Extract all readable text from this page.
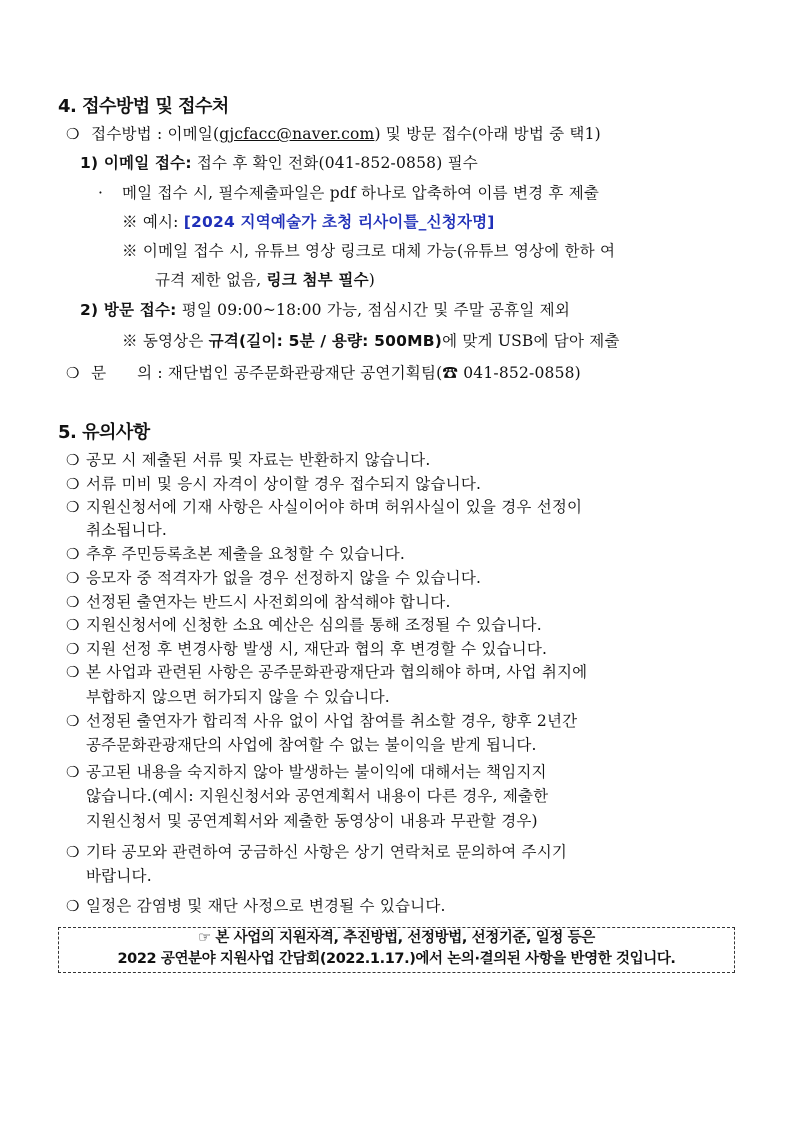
4. 접수방법 및 접수처
❍ 접수방법 : 이메일(gjcfacc@naver.com) 및 방문 접수(아래 방법 중 택1)
1) 이메일 접수: 접수 후 확인 전화(041-852-0858) 필수
· 메일 접수 시, 필수제출파일은 pdf 하나로 압축하여 이름 변경 후 제출
※ 예시: [2024 지역예술가 초청 리사이틀_신청자명]
※ 이메일 접수 시, 유튜브 영상 링크로 대체 가능(유튜브 영상에 한하 여
규격 제한 없음, 링크 첨부 필수)
2) 방문 접수: 평일 09:00~18:00 가능, 점심시간 및 주말 공휴일 제외
※ 동영상은 규격(길이: 5분 / 용량: 500MB)에 맞게 USB에 담아 제출
❍ 문      의 : 재단법인 공주문화관광재단 공연기획팀(☎ 041-852-0858)
5. 유의사항
❍ 공모 시 제출된 서류 및 자료는 반환하지 않습니다.
❍ 서류 미비 및 응시 자격이 상이할 경우 접수되지 않습니다.
❍ 지원신청서에 기재 사항은 사실이어야 하며 허위사실이 있을 경우 선정이
취소됩니다.
❍ 추후 주민등록초본 제출을 요청할 수 있습니다.
❍ 응모자 중 적격자가 없을 경우 선정하지 않을 수 있습니다.
❍ 선정된 출연자는 반드시 사전회의에 참석해야 합니다.
❍ 지원신청서에 신청한 소요 예산은 심의를 통해 조정될 수 있습니다.
❍ 지원 선정 후 변경사항 발생 시, 재단과 협의 후 변경할 수 있습니다.
❍ 본 사업과 관련된 사항은 공주문화관광재단과 협의해야 하며, 사업 취지에
부합하지 않으면 허가되지 않을 수 있습니다.
❍ 선정된 출연자가 합리적 사유 없이 사업 참여를 취소할 경우, 향후 2년간
공주문화관광재단의 사업에 참여할 수 없는 불이익을 받게 됩니다.
❍ 공고된 내용을 숙지하지 않아 발생하는 불이익에 대해서는 책임지지
않습니다.(예시: 지원신청서와 공연계획서 내용이 다른 경우, 제출한
지원신청서 및 공연계획서와 제출한 동영상이 내용과 무관할 경우)
❍ 기타 공모와 관련하여 궁금하신 사항은 상기 연락처로 문의하여 주시기
바랍니다.
❍ 일정은 감염병 및 재단 사정으로 변경될 수 있습니다.
☞ 본 사업의 지원자격, 추진방법, 선정방법, 선정기준, 일정 등은
2022 공연분야 지원사업 간담회(2022.1.17.)에서 논의·결의된 사항을 반영한 것입니다.
